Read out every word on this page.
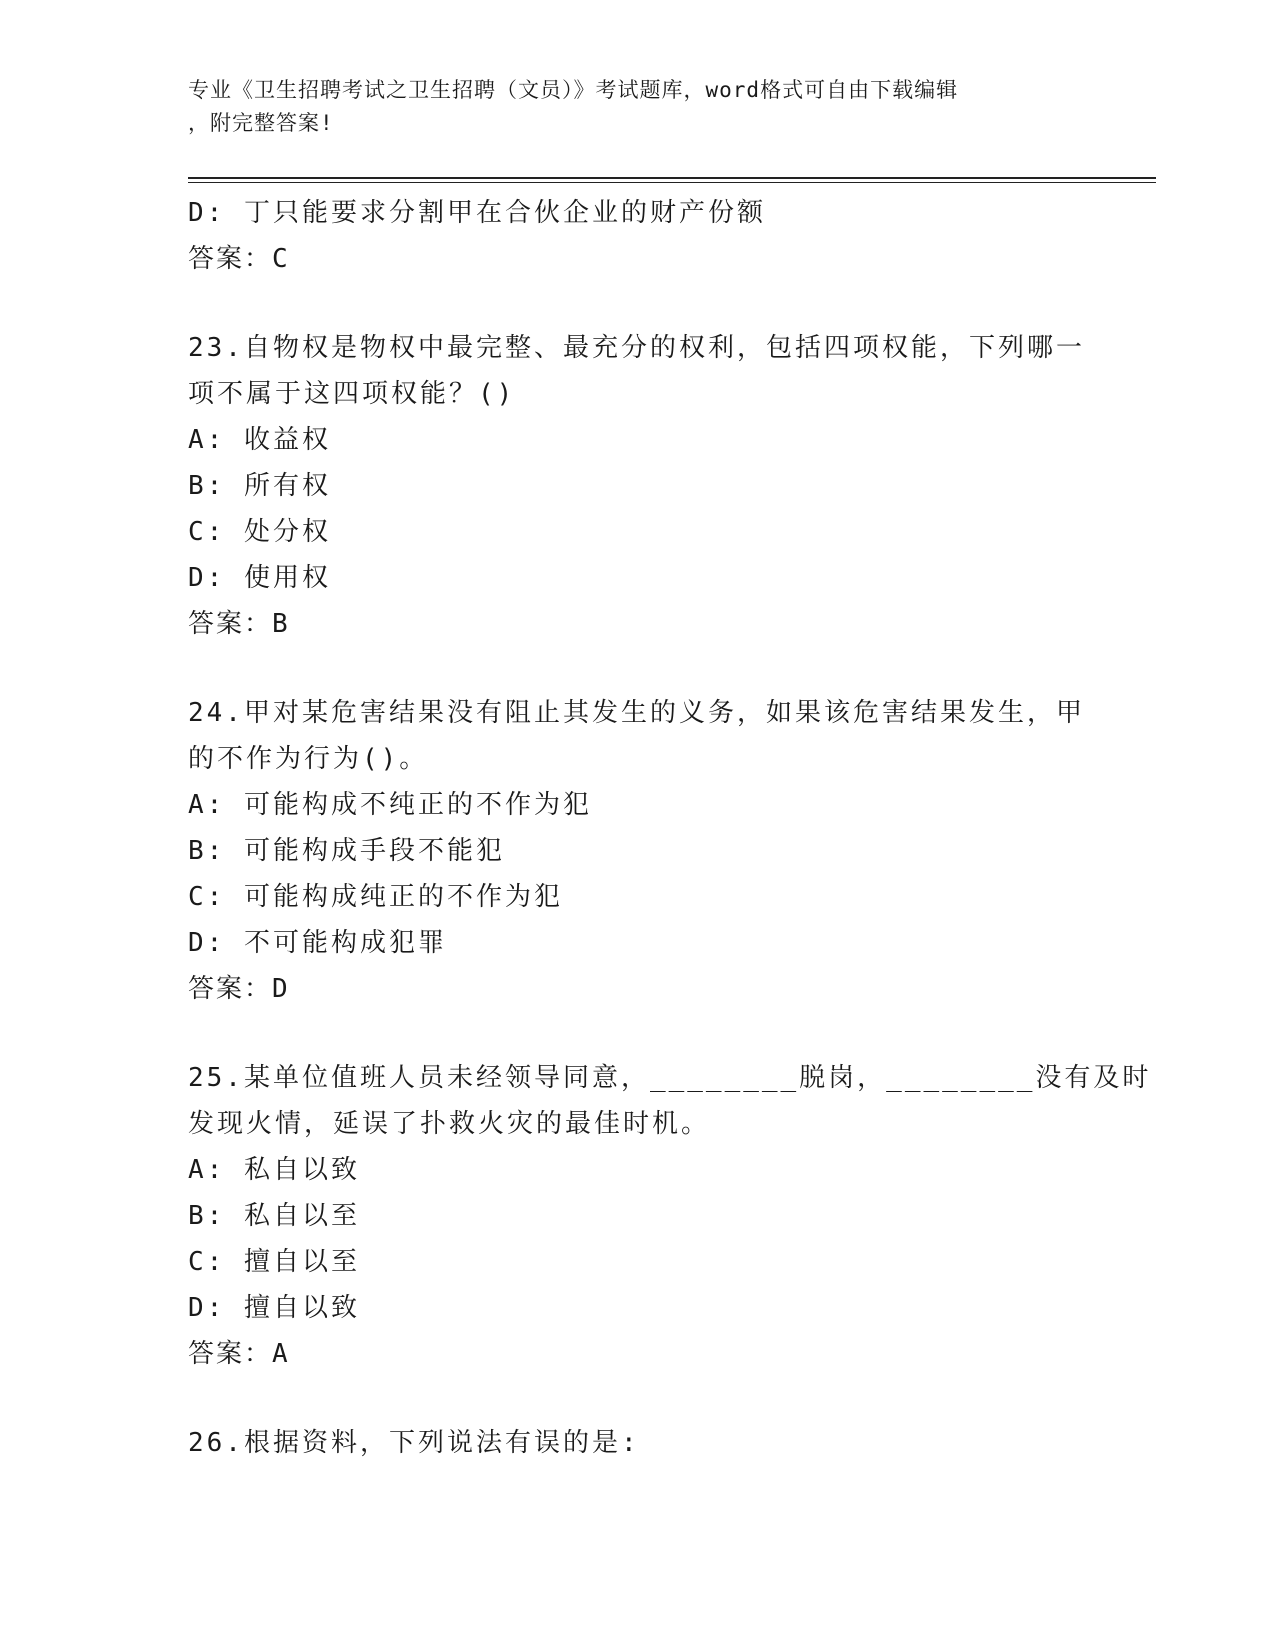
专业《卫生招聘考试之卫生招聘（文员）》考试题库，word格式可自由下载编辑
，附完整答案!
D: 丁只能要求分割甲在合伙企业的财产份额
答案：C
23.自物权是物权中最完整、最充分的权利，包括四项权能，下列哪一
项不属于这四项权能？()
A: 收益权
B: 所有权
C: 处分权
D: 使用权
答案：B
24.甲对某危害结果没有阻止其发生的义务，如果该危害结果发生，甲
的不作为行为()。
A: 可能构成不纯正的不作为犯
B: 可能构成手段不能犯
C: 可能构成纯正的不作为犯
D: 不可能构成犯罪
答案：D
25.某单位值班人员未经领导同意，________脱岗，________没有及时
发现火情，延误了扑救火灾的最佳时机。
A: 私自以致
B: 私自以至
C: 擅自以至
D: 擅自以致
答案：A
26.根据资料，下列说法有误的是:
